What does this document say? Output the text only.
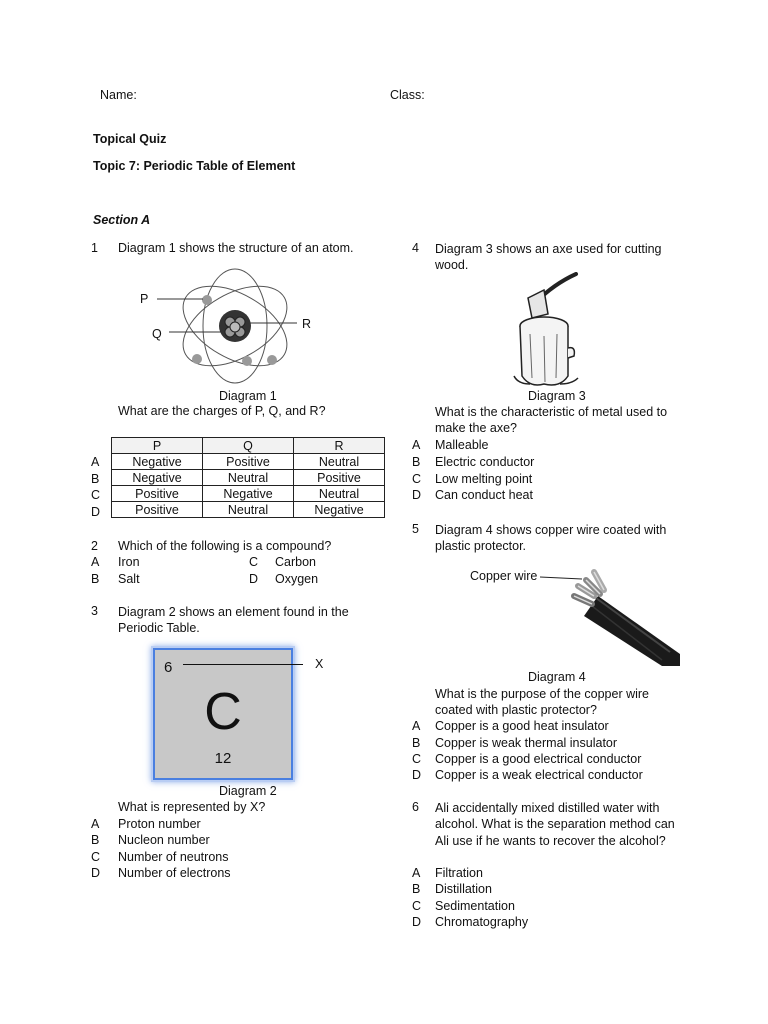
Name:	Class:
Topical Quiz
Topic 7: Periodic Table of Element
Section A
1 Diagram 1 shows the structure of an atom.
P
Q
R
Diagram 1
What are the charges of P, Q, and R?
P	Q	R
Negative	Positive	Neutral
Negative	Neutral	Positive
Positive	Negative	Neutral
Positive	Neutral	Negative
A
B
C
D
2 Which of the following is a compound?
A Iron
B Salt
C Carbon
D Oxygen
3 Diagram 2 shows an element found in the Periodic Table.
6
C
12
X
Diagram 2
What is represented by X?
A Proton number
B Nucleon number
C Number of neutrons
D Number of electrons
4 Diagram 3 shows an axe used for cutting wood.
Diagram 3
What is the characteristic of metal used to make the axe?
A Malleable
B Electric conductor
C Low melting point
D Can conduct heat
5 Diagram 4 shows copper wire coated with plastic protector.
Copper wire
Diagram 4
What is the purpose of the copper wire coated with plastic protector?
A Copper is a good heat insulator
B Copper is weak thermal insulator
C Copper is a good electrical conductor
D Copper is a weak electrical conductor
6 Ali accidentally mixed distilled water with alcohol. What is the separation method can Ali use if he wants to recover the alcohol?
A Filtration
B Distillation
C Sedimentation
D Chromatography
